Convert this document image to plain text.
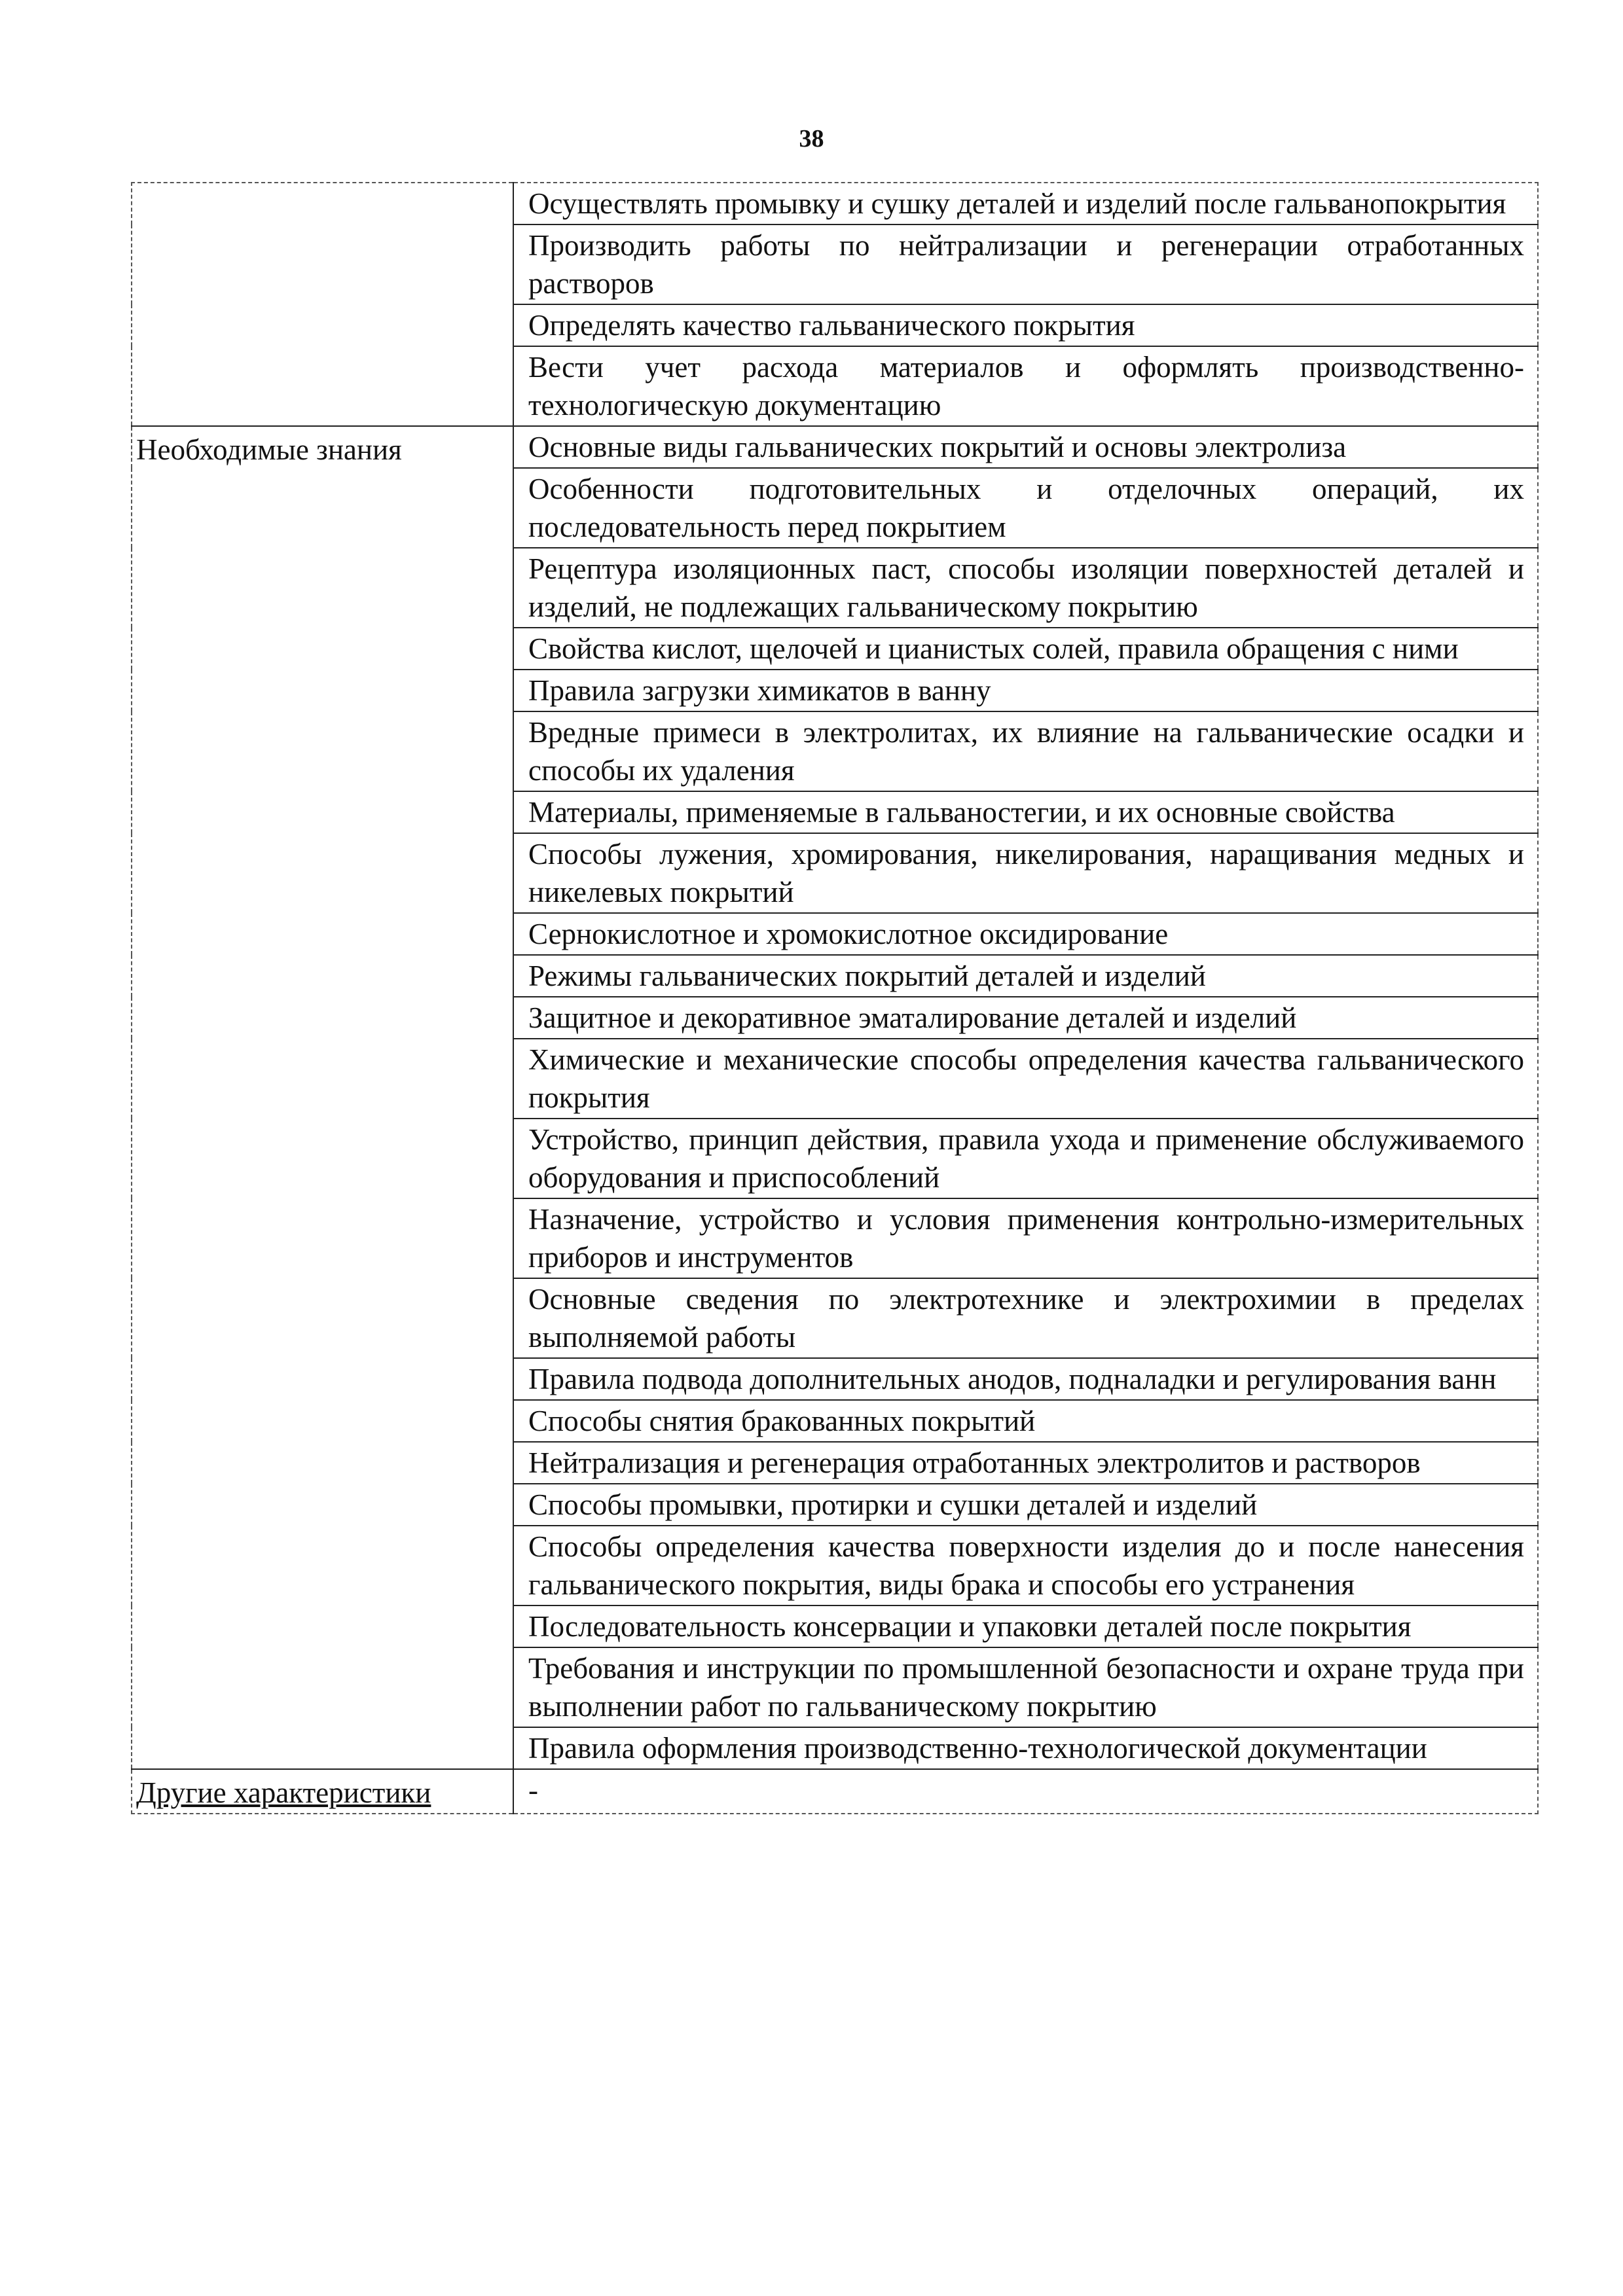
38
	Осуществлять промывку и сушку деталей и изделий после гальванопокрытия
	Производить работы по нейтрализации и регенерации отработанных растворов
	Определять качество гальванического покрытия
	Вести учет расхода материалов и оформлять производственно-технологическую документацию
Необходимые знания	Основные виды гальванических покрытий и основы электролиза
	Особенности подготовительных и отделочных операций, их последовательность перед покрытием
	Рецептура изоляционных паст, способы изоляции поверхностей деталей и изделий, не подлежащих гальваническому покрытию
	Свойства кислот, щелочей и цианистых солей, правила обращения с ними
	Правила загрузки химикатов в ванну
	Вредные примеси в электролитах, их влияние на гальванические осадки и способы их удаления
	Материалы, применяемые в гальваностегии, и их основные свойства
	Способы лужения, хромирования, никелирования, наращивания медных и никелевых покрытий
	Сернокислотное и хромокислотное оксидирование
	Режимы гальванических покрытий деталей и изделий
	Защитное и декоративное эматалирование деталей и изделий
	Химические и механические способы определения качества гальванического покрытия
	Устройство, принцип действия, правила ухода и применение обслуживаемого оборудования и приспособлений
	Назначение, устройство и условия применения контрольно-измерительных приборов и инструментов
	Основные сведения по электротехнике и электрохимии в пределах выполняемой работы
	Правила подвода дополнительных анодов, подналадки и регулирования ванн
	Способы снятия бракованных покрытий
	Нейтрализация и регенерация отработанных электролитов и растворов
	Способы промывки, протирки и сушки деталей и изделий
	Способы определения качества поверхности изделия до и после нанесения гальванического покрытия, виды брака и способы его устранения
	Последовательность консервации и упаковки деталей после покрытия
	Требования и инструкции по промышленной безопасности и охране труда при выполнении работ по гальваническому покрытию
	Правила оформления производственно-технологической документации
Другие характеристики	-
